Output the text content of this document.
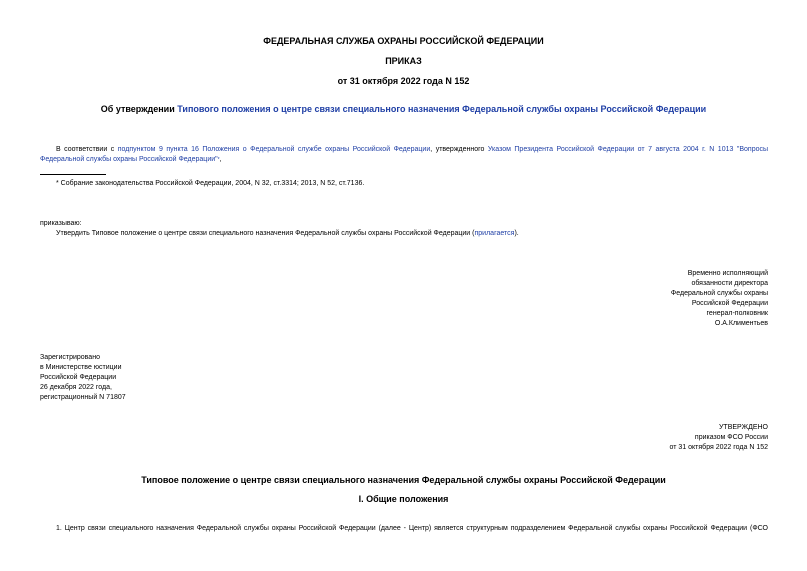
ФЕДЕРАЛЬНАЯ СЛУЖБА ОХРАНЫ РОССИЙСКОЙ ФЕДЕРАЦИИ
ПРИКАЗ
от 31 октября 2022 года N 152
Об утверждении Типового положения о центре связи специального назначения Федеральной службы охраны Российской Федерации
В соответствии с подпунктом 9 пункта 16 Положения о Федеральной службе охраны Российской Федерации, утвержденного Указом Президента Российской Федерации от 7 августа 2004 г. N 1013 "Вопросы
Федеральной службы охраны Российской Федерации"*,
* Собрание законодательства Российской Федерации, 2004, N 32, ст.3314; 2013, N 52, ст.7136.
приказываю:
Утвердить Типовое положение о центре связи специального назначения Федеральной службы охраны Российской Федерации (прилагается).
Временно исполняющий
обязанности директора
Федеральной службы охраны
Российской Федерации
генерал-полковник
О.А.Климентьев
Зарегистрировано
в Министерстве юстиции
Российской Федерации
26 декабря 2022 года,
регистрационный N 71807
УТВЕРЖДЕНО
приказом ФСО России
от 31 октября 2022 года N 152
Типовое положение о центре связи специального назначения Федеральной службы охраны Российской Федерации
I. Общие положения
1. Центр связи специального назначения Федеральной службы охраны Российской Федерации (далее - Центр) является структурным подразделением Федеральной службы охраны Российской Федерации (ФСО
